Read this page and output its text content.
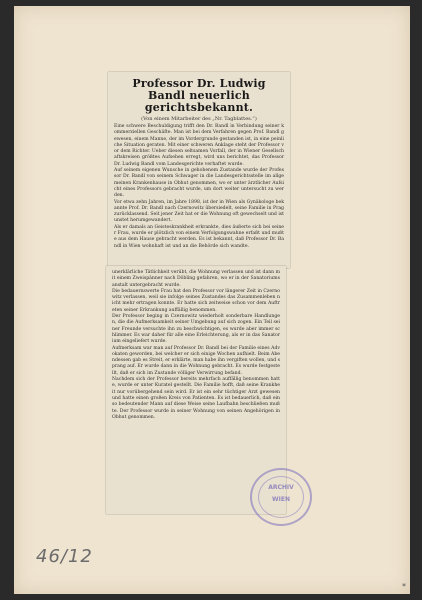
Professor Dr. Ludwig Bandl neuerlich gerichtsbekannt.
(Von einem Mitarbeiter des „Nr. Tagblattes.“)
Eine schwere Beschuldigung trifft den Dr. Bandl in Verbindung seiner kommerziellen Geschäfte. Man ist bei dem Verfahren gegen Prof. Bandl gewesen, einem Manne, der im Vordergrunde gestanden ist, in eine peinliche Situation geraten. Mit einer schweren Anklage steht der Professor vor dem Richter. Ueber diesen seltsamen Vorfall, der in Wiener Gesellschaftskreisen größtes Aufsehen erregt, wird uns berichtet, das Professor Dr. Ludwig Bandl vom Landesgerichte verhaftet wurde.
Auf seinem eigenen Wunsche in gehobenem Zustande wurde der Professor Dr. Bandl von seinem Schwager in die Landesgerichtsstelle im allgemeinen Krankenhause in Obhut genommen, wo er unter ärztlicher Aufsicht eines Professors gebracht wurde, um dort weiter untersucht zu werden.
Vor etwa zehn Jahren, im Jahre 1898, ist der in Wien als Gynäkologe bekannte Prof. Dr. Bandl nach Czernowitz übersiedelt, seine Familie in Prag zurücklassend. Seit jener Zeit hat er die Wohnung oft gewechselt und ist unstet herumgewandert.
Als er damals an Geisteskrankheit erkrankte, dies äußerte sich bei seiner Frau, wurde er plötzlich von einem Verfolgungswahne erfaßt und mußte aus dem Hause gebracht werden. Es ist bekannt, daß Professor Dr. Bandl in Wien wohnhaft ist und an die Behörde sich wandte.
unerklärliche Tätlichkeit verübt, die Wohnung verlassen und ist dann mit einem Zweispänner nach Döbling gefahren, wo er in der Sanatoriumsanstalt untergebracht wurde.
Die bedauernswerte Frau hat den Professor vor längerer Zeit in Czernowitz verlassen, weil sie infolge seines Zustandes das Zusammenleben nicht mehr ertragen konnte. Er hatte sich zeitweise schon vor dem Auftreten seiner Erkrankung auffällig benommen.
Der Professor beging in Czernowitz wiederholt sonderbare Handlungen, die die Aufmerksamkeit seiner Umgebung auf sich zogen. Ein Teil seiner Freunde versuchte ihn zu beschwichtigen, es wurde aber immer schlimmer. Es war daher für alle eine Erleichterung, als er in das Sanatorium eingeliefert wurde.
Aufmerksam war man auf Professor Dr. Bandl bei der Familie eines Advokaten geworden, bei welcher er sich einige Wochen aufhielt. Beim Abendessen gab es Streit, er erklärte, man habe ihn vergiften wollen, und sprang auf. Er wurde dann in die Wohnung gebracht. Es wurde festgestellt, daß er sich im Zustande völliger Verwirrung befand.
Nachdem sich der Professor bereits mehrfach auffällig benommen hatte, wurde er unter Kuratel gestellt. Die Familie hofft, daß seine Krankheit nur vorübergehend sein wird. Er ist ein sehr tüchtiger Arzt gewesen und hatte einen großen Kreis von Patienten. Es ist bedauerlich, daß ein so bedeutender Mann auf diese Weise seine Laufbahn beschließen mußte. Der Professor wurde in seiner Wohnung von seinen Angehörigen in Obhut genommen.
ARCHIV
WIEN
46/12
*
